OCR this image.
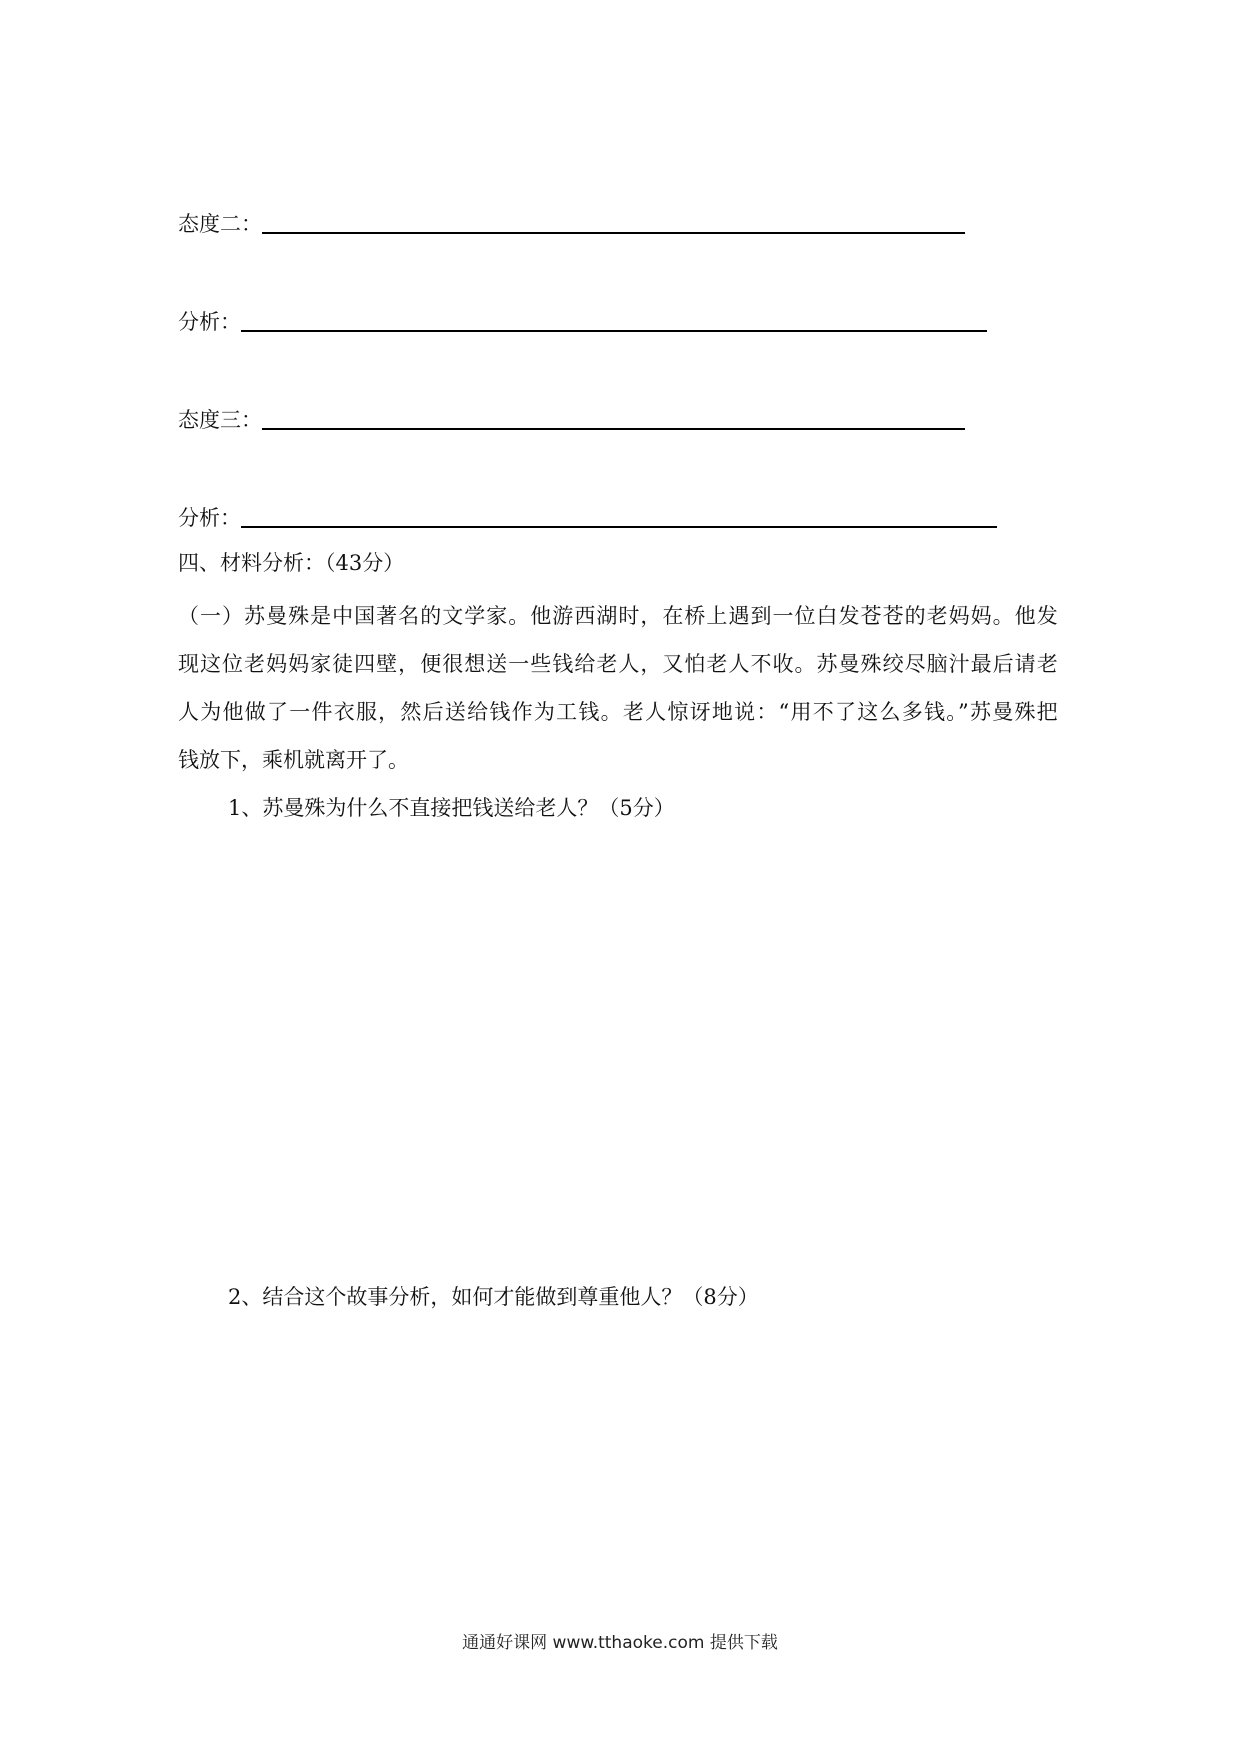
态度二：
分析：
态度三：
分析：
四、材料分析：（43分）
（一）苏曼殊是中国著名的文学家。他游西湖时，在桥上遇到一位白发苍苍的老妈妈。他发
现这位老妈妈家徒四壁，便很想送一些钱给老人，又怕老人不收。苏曼殊绞尽脑汁最后请老
人为他做了一件衣服，然后送给钱作为工钱。老人惊讶地说：“用不了这么多钱。”苏曼殊把
钱放下，乘机就离开了。
1、苏曼殊为什么不直接把钱送给老人？（5分）
2、结合这个故事分析，如何才能做到尊重他人？（8分）
通通好课网 www.tthaoke.com 提供下载
